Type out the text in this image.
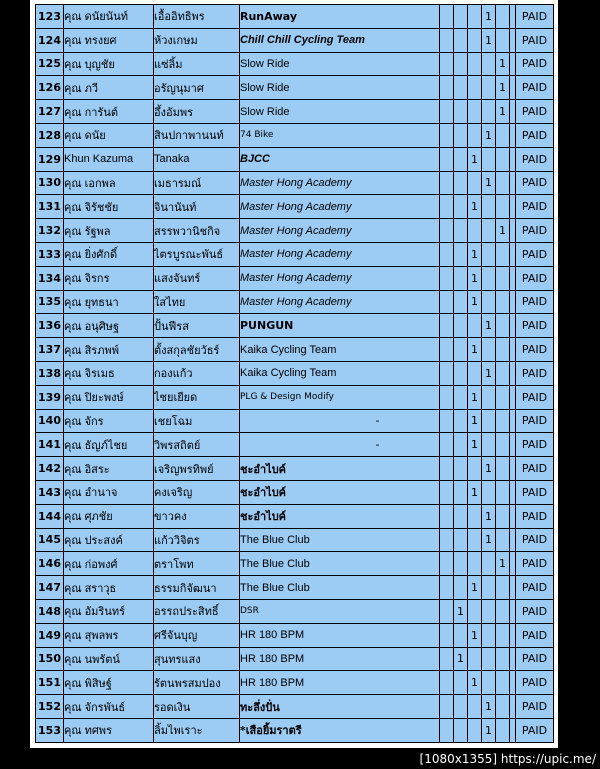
123	คุณ ดนัยนันท์	เอื้ออิทธิพร	RunAway				1			PAID
124	คุณ ทรงยศ	ห้วงเกษม	Chill Chill Cycling Team				1			PAID
125	คุณ บุญชัย	แซ่ลิ้ม	Slow Ride					1		PAID
126	คุณ ภวี	อรัญนุมาศ	Slow Ride					1		PAID
127	คุณ การันต์	อึ้งอัมพร	Slow Ride					1		PAID
128	คุณ ดนัย	สินปกาพานนท์	74 Bike				1			PAID
129	Khun Kazuma	Tanaka	BJCC			1				PAID
130	คุณ เอกพล	เมธารมณ์	Master Hong Academy				1			PAID
131	คุณ จิรัชชัย	จินานันท์	Master Hong Academy			1				PAID
132	คุณ รัฐพล	สรรพวานิชกิจ	Master Hong Academy					1		PAID
133	คุณ ยิ่งศักดิ์	ไตรบูรณะพันธ์	Master Hong Academy			1				PAID
134	คุณ จิรกร	แสงจันทร์	Master Hong Academy			1				PAID
135	คุณ ยุทธนา	ใสไทย	Master Hong Academy			1				PAID
136	คุณ อนุศิษฐ	ปั้นฟีรส	PUNGUN				1			PAID
137	คุณ สิรภพพ์	ตั้งสกุลชัยวัธร์	Kaika Cycling Team			1				PAID
138	คุณ จิรเมธ	กองแก้ว	Kaika Cycling Team				1			PAID
139	คุณ ปิยะพงษ์	ไชยเยียด	PLG & Design Modify			1				PAID
140	คุณ จักร	เชยโฉม	-			1				PAID
141	คุณ ธัญภ์ไชย	วิพรสถิตย์	-			1				PAID
142	คุณ อิสระ	เจริญพรทิพย์	ชะอำไบค์				1			PAID
143	คุณ อำนาจ	คงเจริญ	ชะอำไบค์			1				PAID
144	คุณ ศุภชัย	ขาวคง	ชะอำไบค์				1			PAID
145	คุณ ประสงค์	แก้ววิจิตร	The Blue Club				1			PAID
146	คุณ ก่อพงศ์	ตราโพท	The Blue Club					1		PAID
147	คุณ สราวุธ	ธรรมกิจัฒนา	The Blue Club			1				PAID
148	คุณ อัมรินทร์	อรรถประสิทธิ์	DSR		1					PAID
149	คุณ สุพลพร	ศรีจันบุญ	HR 180 BPM			1				PAID
150	คุณ นพรัตน์	สุนทรแสง	HR 180 BPM		1					PAID
151	คุณ พิสิษฐ์	รัตนพรสมปอง	HR 180 BPM			1				PAID
152	คุณ จักรพันธ์	รอดเงิน	ทะลึ่งปั่น				1			PAID
153	คุณ ทศพร	ลิ้มไพเราะ	*เสือยิ้มราตรี				1			PAID
[1080x1355] https://upic.me/
